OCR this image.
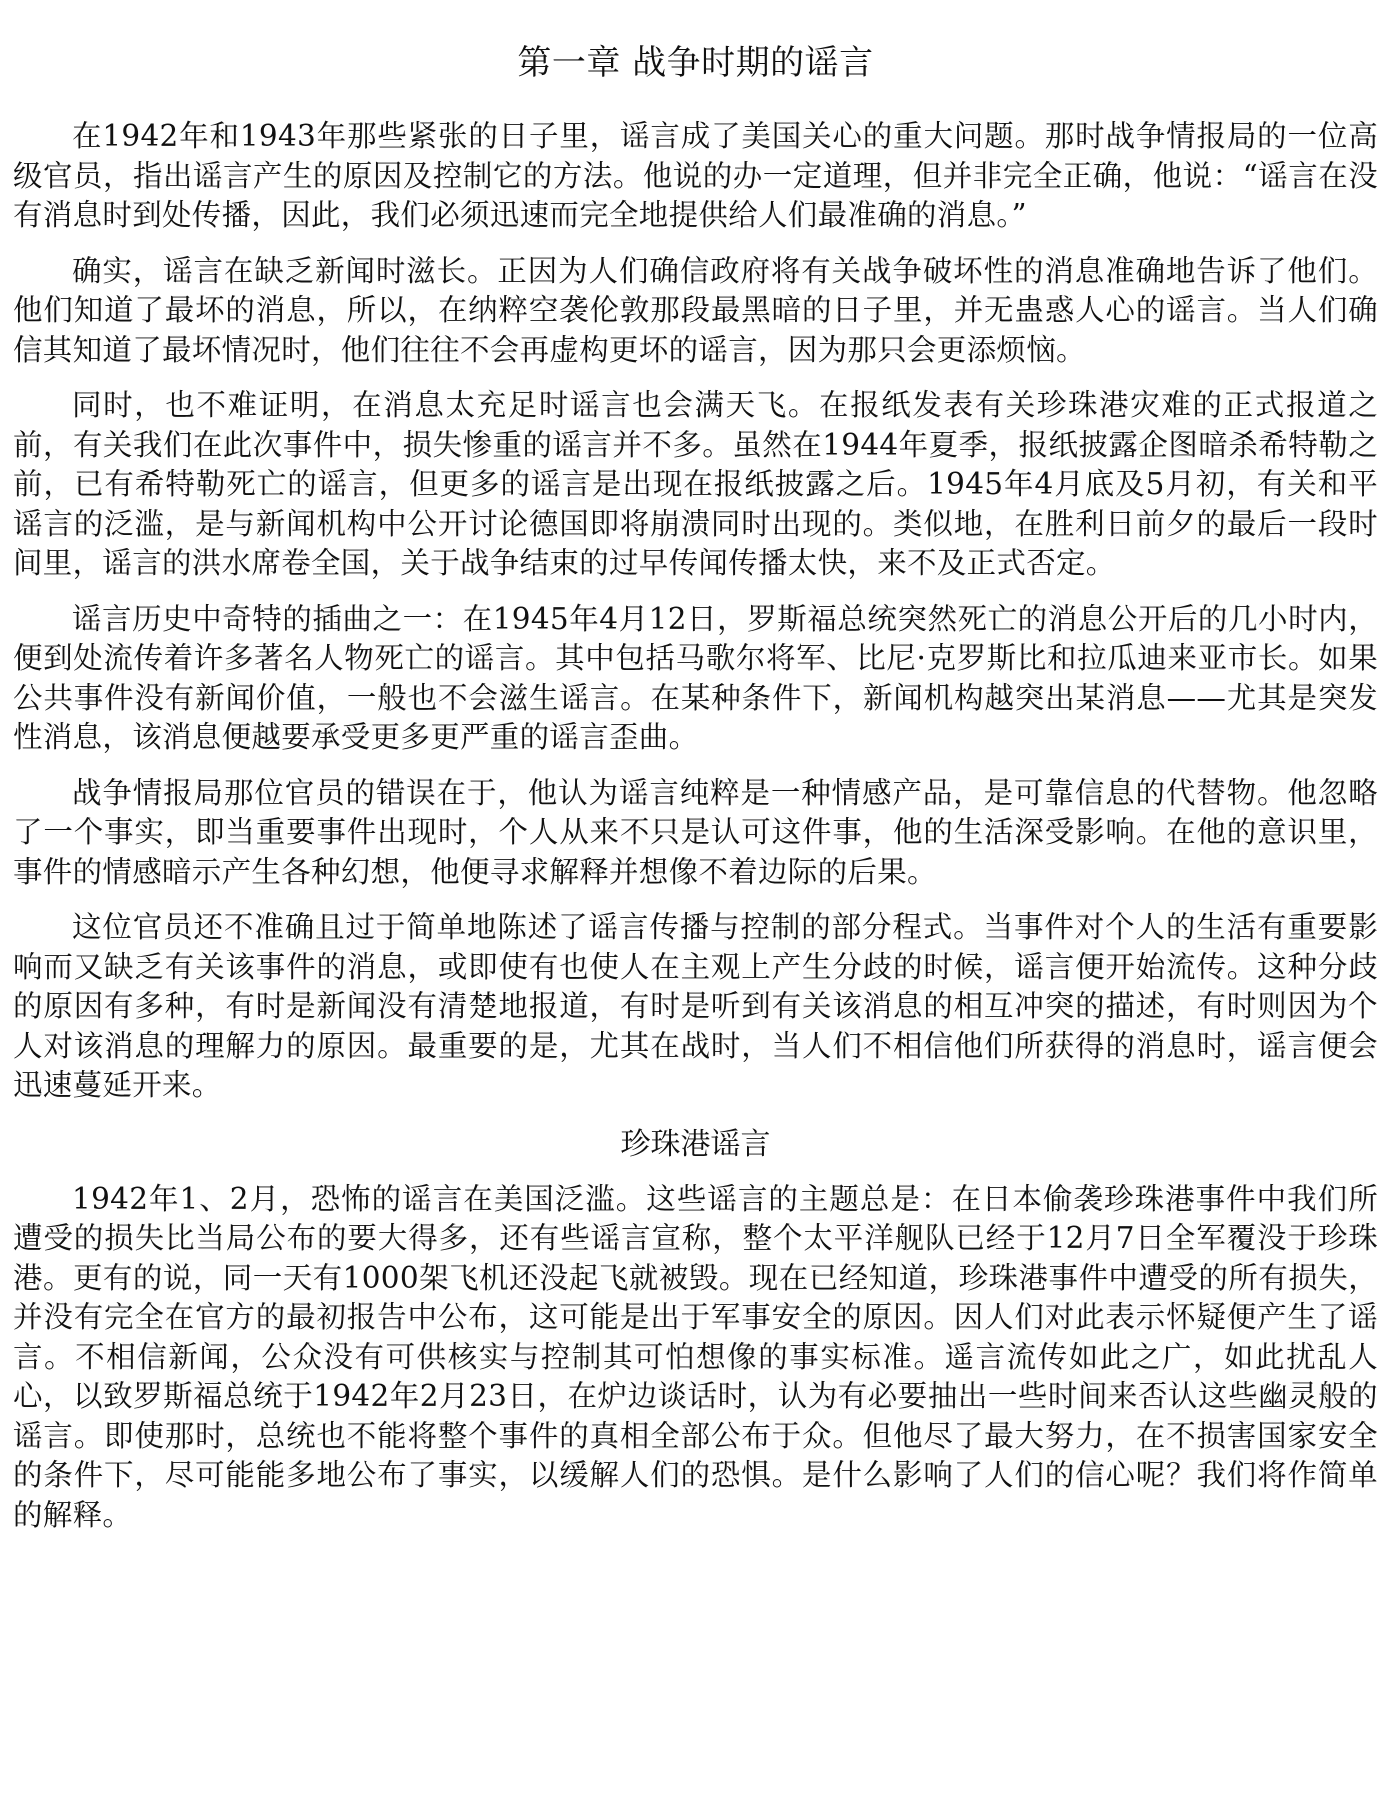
第一章 战争时期的谣言

在1942年和1943年那些紧张的日子里，谣言成了美国关心的重大问题。那时战争情报局的一位高级官员，指出谣言产生的原因及控制它的方法。他说的办一定道理，但并非完全正确，他说：“谣言在没有消息时到处传播，因此，我们必须迅速而完全地提供给人们最准确的消息。”

确实，谣言在缺乏新闻时滋长。正因为人们确信政府将有关战争破坏性的消息准确地告诉了他们。他们知道了最坏的消息，所以，在纳粹空袭伦敦那段最黑暗的日子里，并无蛊惑人心的谣言。当人们确信其知道了最坏情况时，他们往往不会再虚构更坏的谣言，因为那只会更添烦恼。

同时，也不难证明，在消息太充足时谣言也会满天飞。在报纸发表有关珍珠港灾难的正式报道之前，有关我们在此次事件中，损失惨重的谣言并不多。虽然在1944年夏季，报纸披露企图暗杀希特勒之前，已有希特勒死亡的谣言，但更多的谣言是出现在报纸披露之后。1945年4月底及5月初，有关和平谣言的泛滥，是与新闻机构中公开讨论德国即将崩溃同时出现的。类似地，在胜利日前夕的最后一段时间里，谣言的洪水席卷全国，关于战争结束的过早传闻传播太快，来不及正式否定。

谣言历史中奇特的插曲之一：在1945年4月12日，罗斯福总统突然死亡的消息公开后的几小时内，便到处流传着许多著名人物死亡的谣言。其中包括马歌尔将军、比尼·克罗斯比和拉瓜迪来亚市长。如果公共事件没有新闻价值，一般也不会滋生谣言。在某种条件下，新闻机构越突出某消息——尤其是突发性消息，该消息便越要承受更多更严重的谣言歪曲。

战争情报局那位官员的错误在于，他认为谣言纯粹是一种情感产品，是可靠信息的代替物。他忽略了一个事实，即当重要事件出现时，个人从来不只是认可这件事，他的生活深受影响。在他的意识里，事件的情感暗示产生各种幻想，他便寻求解释并想像不着边际的后果。

这位官员还不准确且过于简单地陈述了谣言传播与控制的部分程式。当事件对个人的生活有重要影响而又缺乏有关该事件的消息，或即使有也使人在主观上产生分歧的时候，谣言便开始流传。这种分歧的原因有多种，有时是新闻没有清楚地报道，有时是听到有关该消息的相互冲突的描述，有时则因为个人对该消息的理解力的原因。最重要的是，尤其在战时，当人们不相信他们所获得的消息时，谣言便会迅速蔓延开来。

珍珠港谣言

1942年1、2月，恐怖的谣言在美国泛滥。这些谣言的主题总是：在日本偷袭珍珠港事件中我们所遭受的损失比当局公布的要大得多，还有些谣言宣称，整个太平洋舰队已经于12月7日全军覆没于珍珠港。更有的说，同一天有1000架飞机还没起飞就被毁。现在已经知道，珍珠港事件中遭受的所有损失，并没有完全在官方的最初报告中公布，这可能是出于军事安全的原因。因人们对此表示怀疑便产生了谣言。不相信新闻，公众没有可供核实与控制其可怕想像的事实标准。遥言流传如此之广，如此扰乱人心，以致罗斯福总统于1942年2月23日，在炉边谈话时，认为有必要抽出一些时间来否认这些幽灵般的谣言。即使那时，总统也不能将整个事件的真相全部公布于众。但他尽了最大努力，在不损害国家安全的条件下，尽可能能多地公布了事实，以缓解人们的恐惧。是什么影响了人们的信心呢？我们将作简单的解释。
